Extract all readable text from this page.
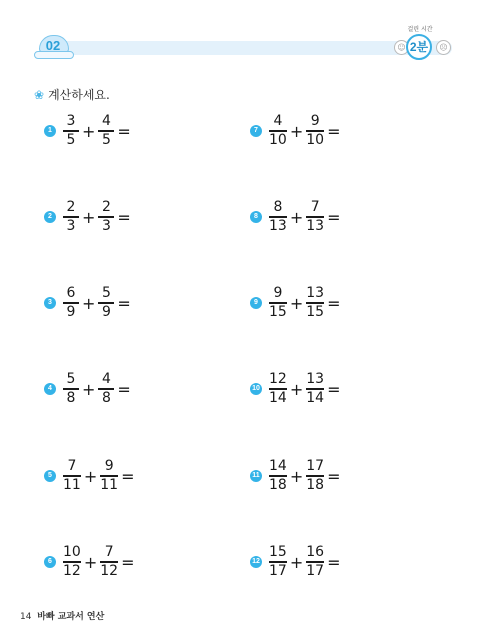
02
걸린 시간
☺ 2분	☹
❀ 계산하세요.
$1 \frac{3}{5} + \frac{4}{5}$ =
$2 \frac{2}{3} + \frac{2}{3}$ =
$3 \frac{6}{9} + \frac{5}{9}$ =
$4 \frac{5}{8} + \frac{4}{8}$ =
$5 \frac{7}{11} + \frac{9}{11}$ =
$6 \frac{10}{12} + \frac{7}{12}$ =
$7 \frac{4}{10} + \frac{9}{10}$ =
$8 \frac{8}{13} + \frac{7}{13}$ =
$9 \frac{9}{15} + \frac{13}{15}$ =
$10 \frac{12}{14} + \frac{13}{14}$ =
$11 \frac{14}{18} + \frac{17}{18}$ =
$12 \frac{15}{17} + \frac{16}{17}$ =
14 바빠 교과서 연산
